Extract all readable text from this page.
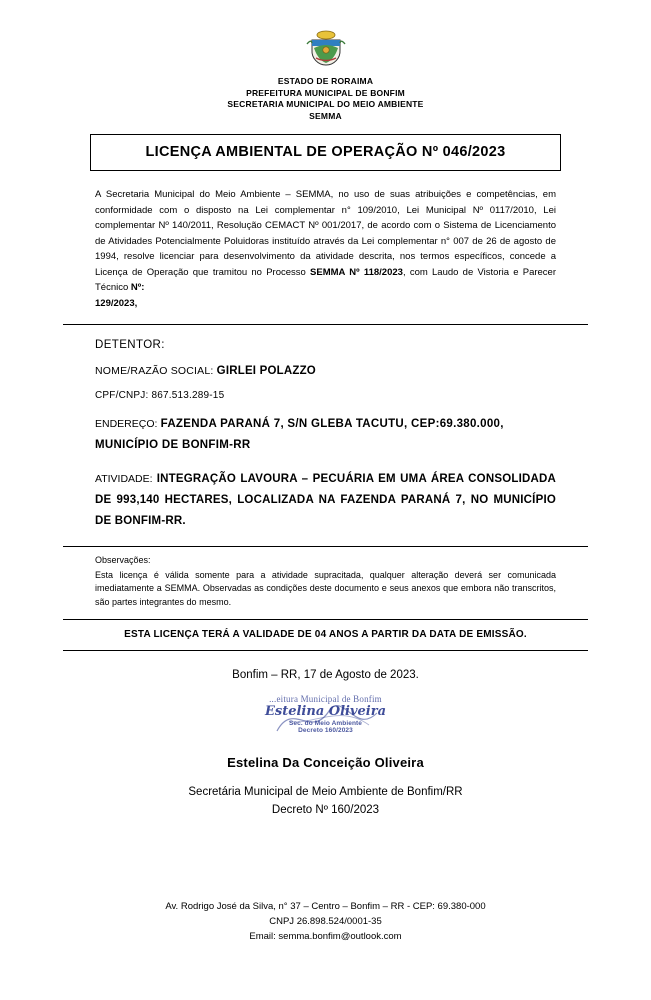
ESTADO DE RORAIMA
PREFEITURA MUNICIPAL DE BONFIM
SECRETARIA MUNICIPAL DO MEIO AMBIENTE
SEMMA
LICENÇA AMBIENTAL DE OPERAÇÃO Nº 046/2023
A Secretaria Municipal do Meio Ambiente – SEMMA, no uso de suas atribuições e competências, em conformidade com o disposto na Lei complementar n° 109/2010, Lei Municipal Nº 0117/2010, Lei complementar Nº 140/2011, Resolução CEMACT Nº 001/2017, de acordo com o Sistema de Licenciamento de Atividades Potencialmente Poluidoras instituído através da Lei complementar n° 007 de 26 de agosto de 1994, resolve licenciar para desenvolvimento da atividade descrita, nos termos específicos, concede a Licença de Operação que tramitou no Processo SEMMA Nº 118/2023, com Laudo de Vistoria e Parecer Técnico Nº:
129/2023,
DETENTOR:
NOME/RAZÃO SOCIAL: GIRLEI POLAZZO
CPF/CNPJ: 867.513.289-15
ENDEREÇO: FAZENDA PARANÁ 7, S/N GLEBA TACUTU, CEP:69.380.000, MUNICÍPIO DE BONFIM-RR
ATIVIDADE: INTEGRAÇÃO LAVOURA – PECUÁRIA EM UMA ÁREA CONSOLIDADA DE 993,140 HECTARES, LOCALIZADA NA FAZENDA PARANÁ 7, NO MUNICÍPIO DE BONFIM-RR.
Observações:
Esta licença é válida somente para a atividade supracitada, qualquer alteração deverá ser comunicada imediatamente a SEMMA. Observadas as condições deste documento e seus anexos que embora não transcritos, são partes integrantes do mesmo.
ESTA LICENÇA TERÁ A VALIDADE DE 04 ANOS A PARTIR DA DATA DE EMISSÃO.
Bonfim – RR, 17 de Agosto de 2023.
...eitura Municipal de Bonfim
Estelina Oliveira
Sec. do Meio Ambiente
Decreto 160/2023
Estelina Da Conceição Oliveira
Secretária Municipal de Meio Ambiente de Bonfim/RR
Decreto Nº 160/2023
Av. Rodrigo José da Silva, n° 37 – Centro – Bonfim – RR - CEP: 69.380-000
CNPJ 26.898.524/0001-35
Email: semma.bonfim@outlook.com
